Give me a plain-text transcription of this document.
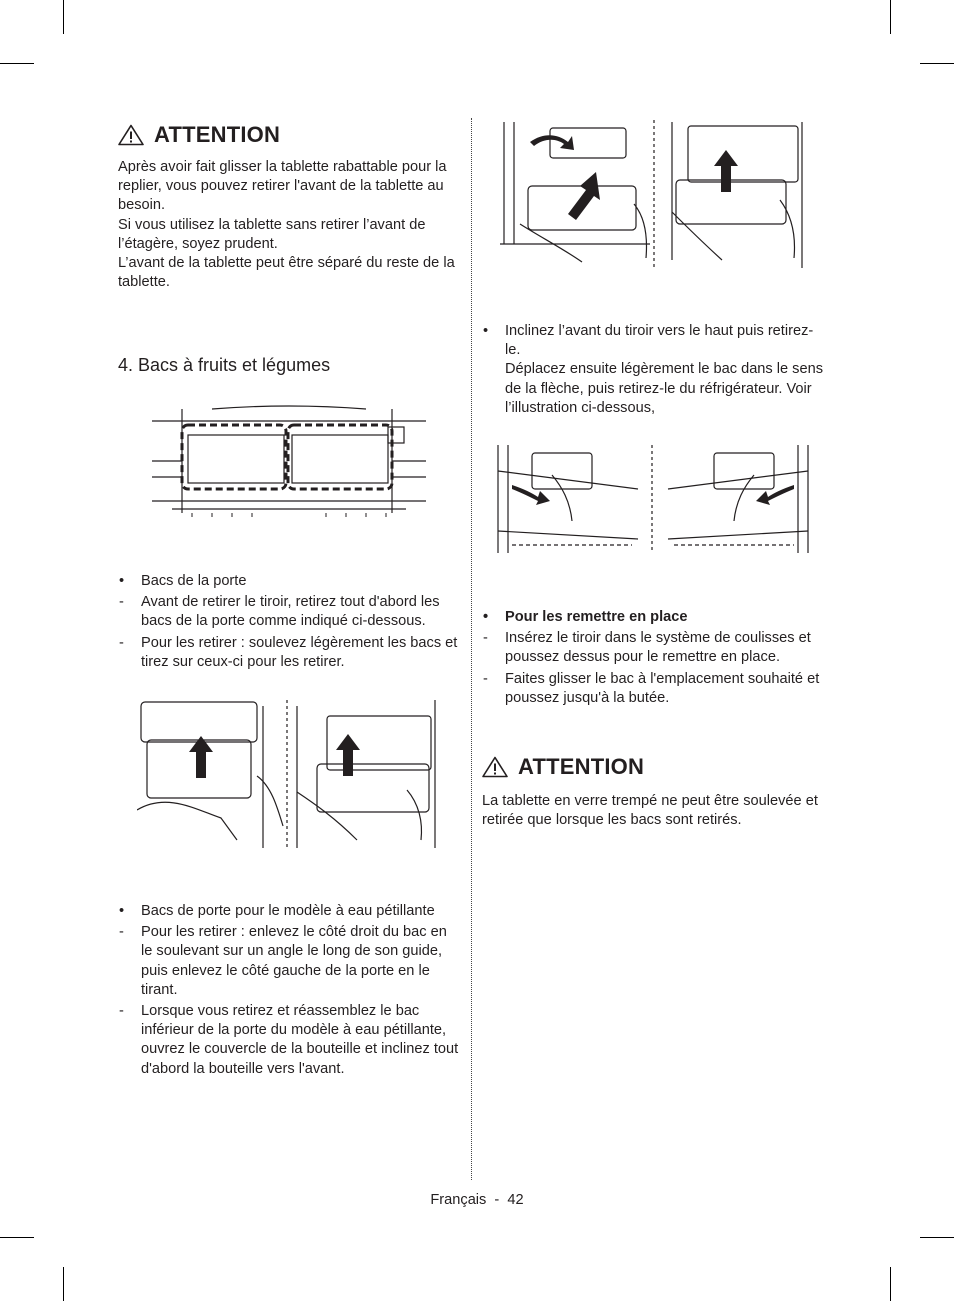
ATTENTION

Après avoir fait glisser la tablette rabattable pour la replier, vous pouvez retirer l'avant de la tablette au besoin.

Si vous utilisez la tablette sans retirer l’avant de l’étagère, soyez prudent.

L’avant de la tablette peut être séparé du reste de la tablette.

4. Bacs à fruits et légumes
• Bacs de la porte
- Avant de retirer le tiroir, retirez tout d'abord les bacs de la porte comme indiqué ci-dessous.
- Pour les retirer : soulevez légèrement les bacs et tirez sur ceux-ci pour les retirer.
• Bacs de porte pour le modèle à eau pétillante
- Pour les retirer : enlevez le côté droit du bac en le soulevant sur un angle le long de son guide, puis enlevez le côté gauche de la porte en le tirant.
- Lorsque vous retirez et réassemblez le bac inférieur de la porte du modèle à eau pétillante, ouvrez le couvercle de la bouteille et inclinez tout d'abord la bouteille vers l'avant.

• Inclinez l’avant du tiroir vers le haut puis retirez-le.

Déplacez ensuite légèrement le bac dans le sens de la flèche, puis retirez-le du réfrigérateur. Voir l’illustration ci-dessous,

• Pour les remettre en place
- Insérez le tiroir dans le système de coulisses et poussez dessus pour le remettre en place.
- Faites glisser le bac à l'emplacement souhaité et poussez jusqu'à la butée.
ATTENTION

La tablette en verre trempé ne peut être soulevée et retirée que lorsque les bacs sont retirés.

Français - 42
